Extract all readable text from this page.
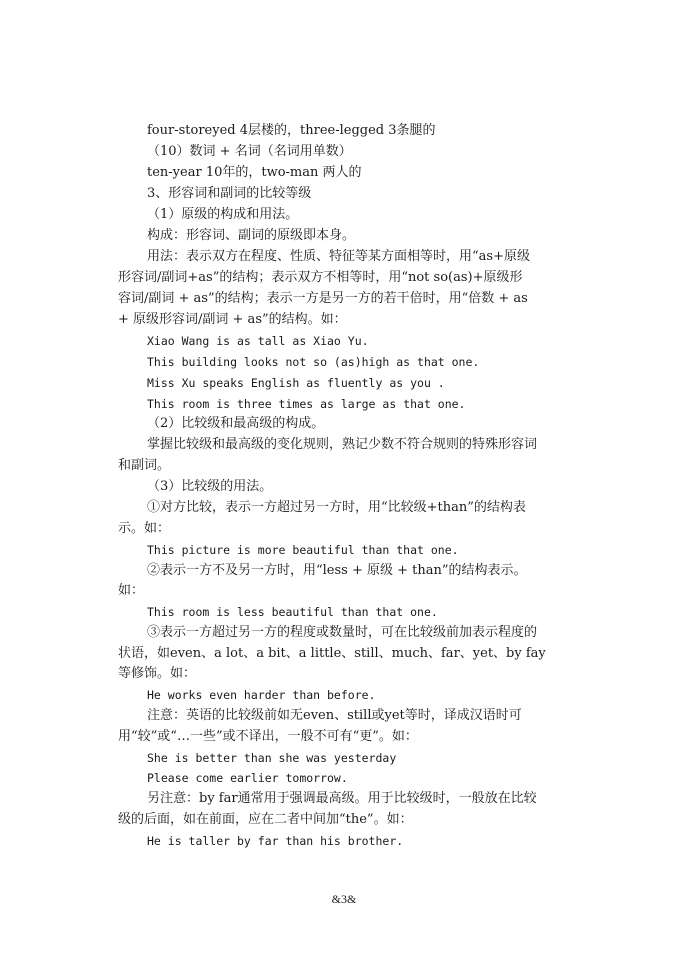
four-storeyed 4层楼的，three-legged 3条腿的
（10）数词 + 名词（名词用单数）
ten-year 10年的，two-man 两人的
3、形容词和副词的比较等级
（1）原级的构成和用法。
构成：形容词、副词的原级即本身。
用法：表示双方在程度、性质、特征等某方面相等时，用“as+原级
形容词/副词+as”的结构；表示双方不相等时，用“not so(as)+原级形
容词/副词 + as”的结构；表示一方是另一方的若干倍时，用“倍数 + as
+ 原级形容词/副词 + as”的结构。如：
Xiao Wang is as tall as Xiao Yu.
This building looks not so (as)high as that one.
Miss Xu speaks English as fluently as you .
This room is three times as large as that one.
（2）比较级和最高级的构成。
掌握比较级和最高级的变化规则，熟记少数不符合规则的特殊形容词
和副词。
（3）比较级的用法。
①对方比较，表示一方超过另一方时，用“比较级+than”的结构表
示。如：
This picture is more beautiful than that one.
②表示一方不及另一方时，用“less + 原级 + than”的结构表示。
如：
This room is less beautiful than that one.
③表示一方超过另一方的程度或数量时，可在比较级前加表示程度的
状语，如even、a lot、a bit、a little、still、much、far、yet、by fay
等修饰。如：
He works even harder than before.
注意：英语的比较级前如无even、still或yet等时，译成汉语时可
用“较”或“…一些”或不译出，一般不可有“更”。如：
She is better than she was yesterday
Please come earlier tomorrow.
另注意：by far通常用于强调最高级。用于比较级时，一般放在比较
级的后面，如在前面，应在二者中间加“the”。如：
He is taller by far than his brother.
&3&
